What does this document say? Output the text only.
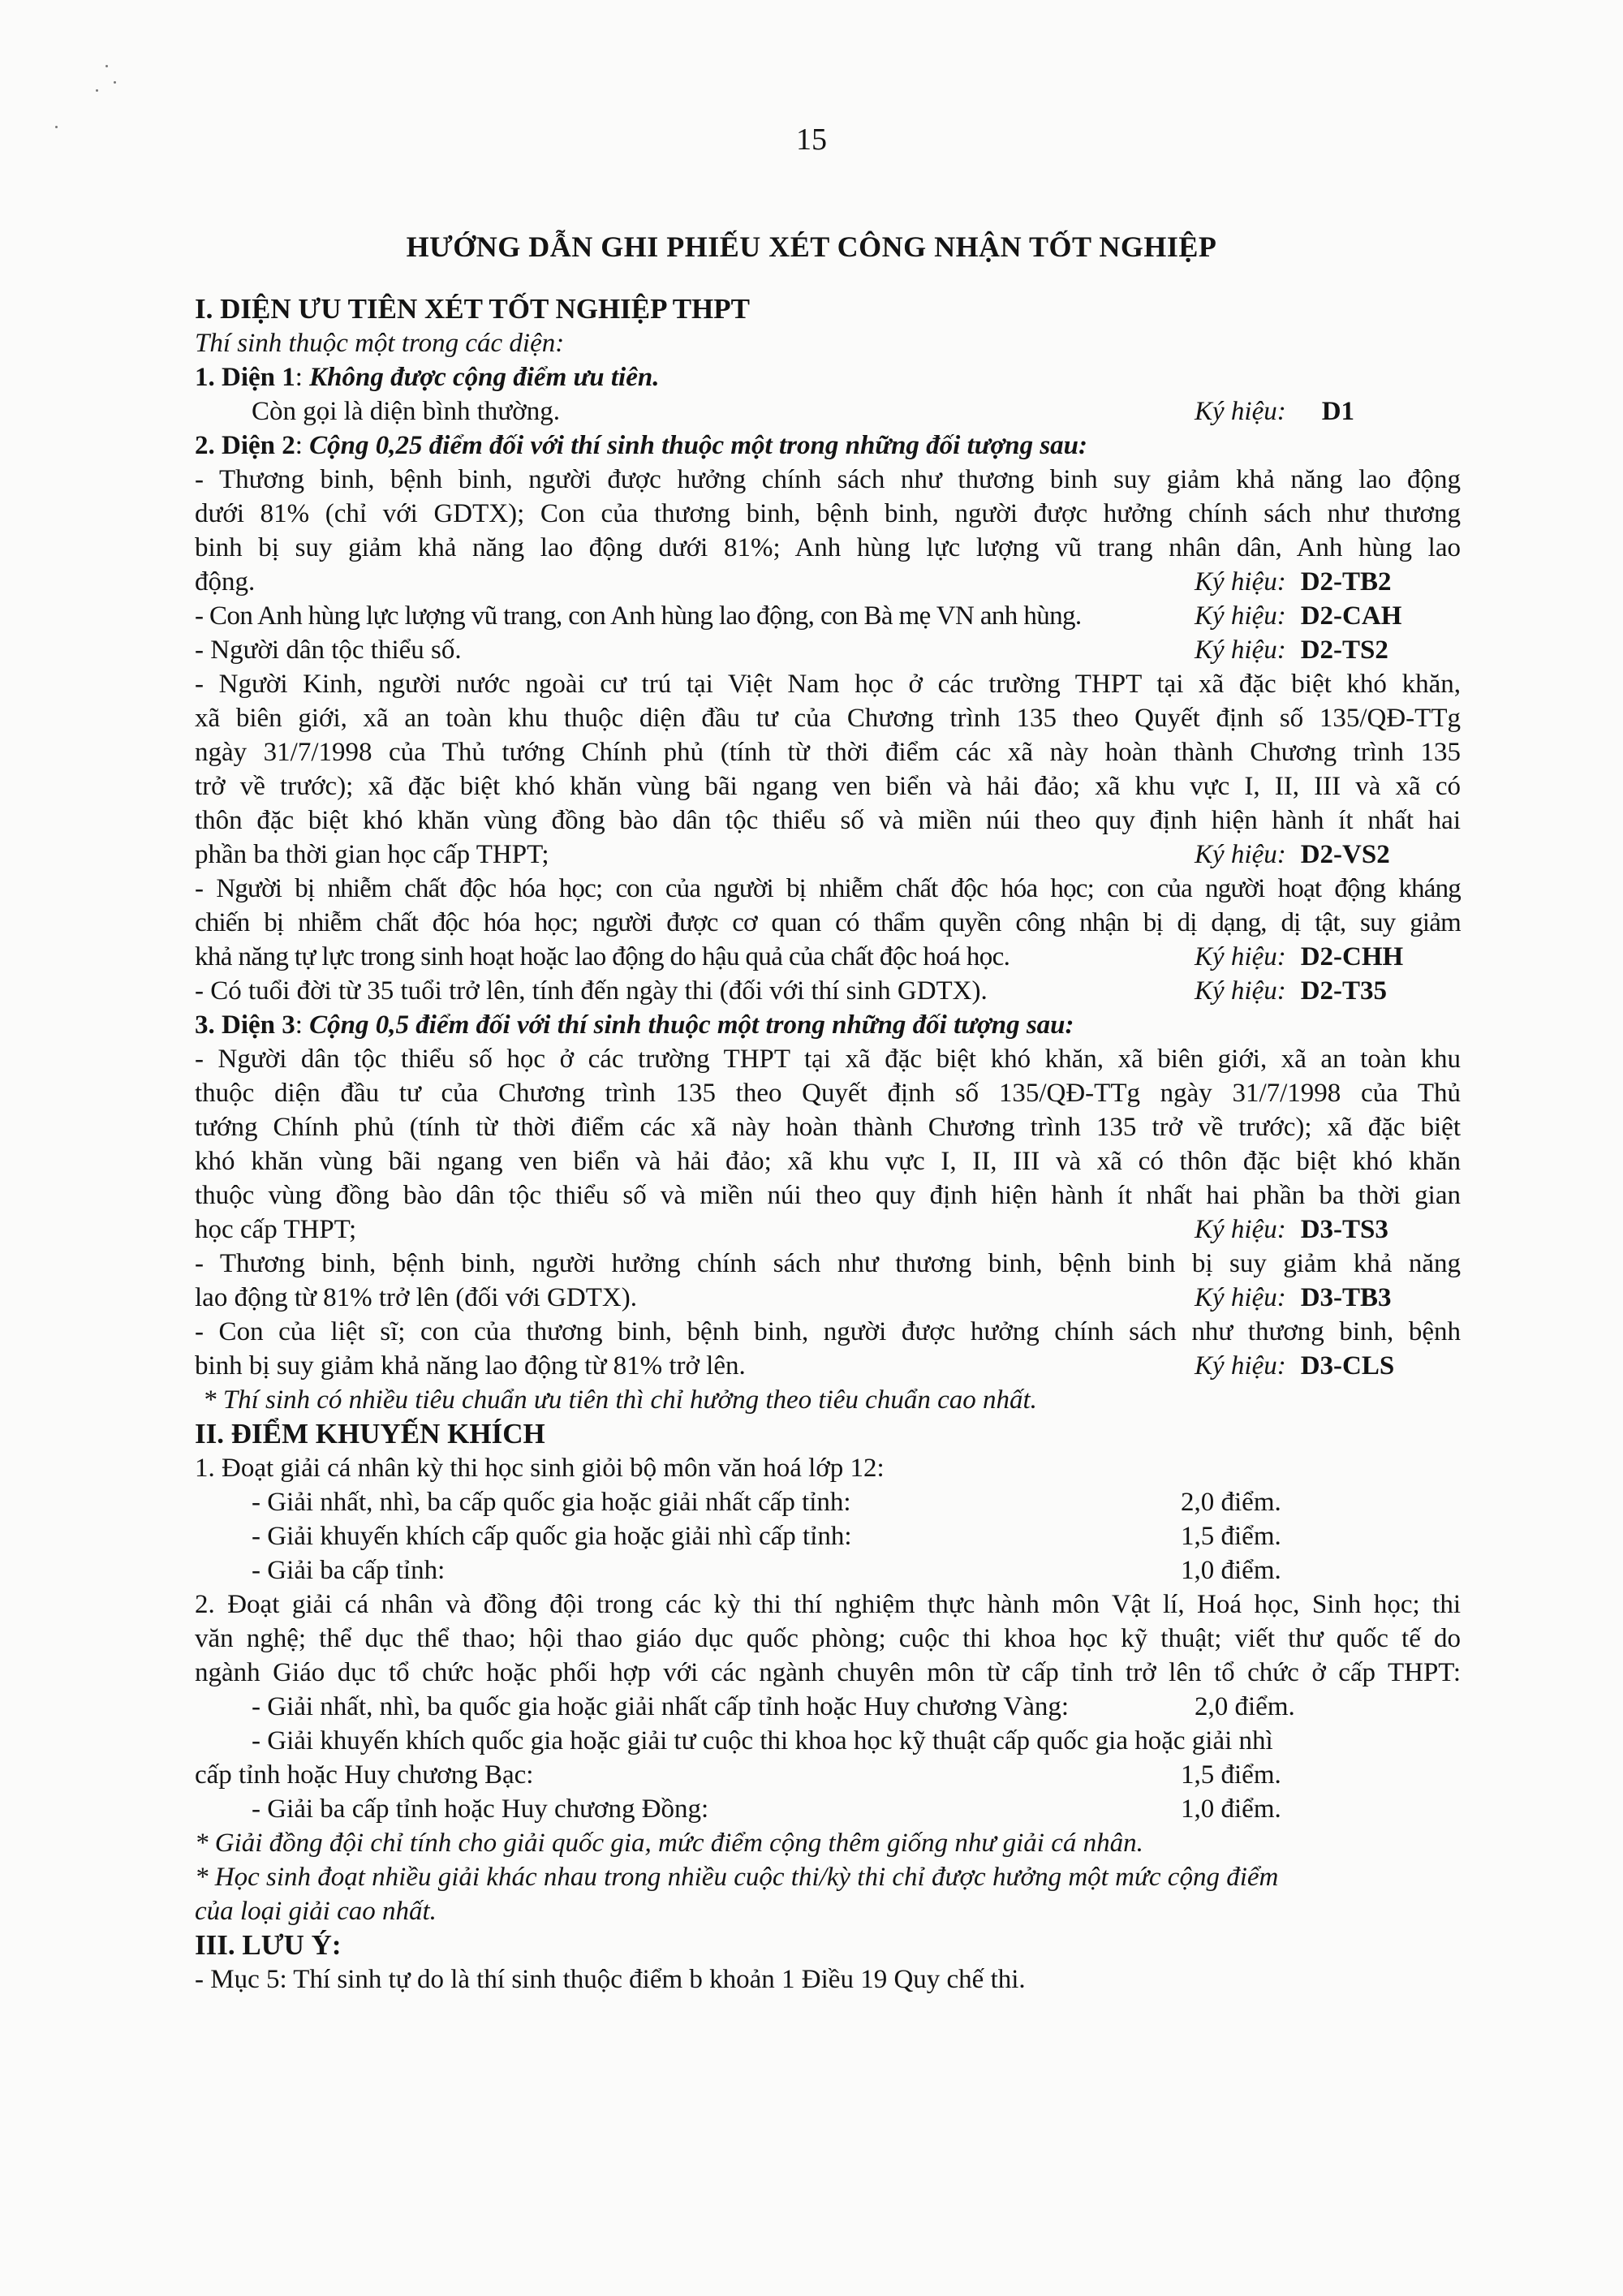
15
HƯỚNG DẪN GHI PHIẾU XÉT CÔNG NHẬN TỐT NGHIỆP
I. DIỆN ƯU TIÊN XÉT TỐT NGHIỆP THPT
Thí sinh thuộc một trong các diện:
1. Diện 1: Không được cộng điểm ưu tiên.
Còn gọi là diện bình thường.	Ký hiệu: D1
2. Diện 2: Cộng 0,25 điểm đối với thí sinh thuộc một trong những đối tượng sau:
- Thương binh, bệnh binh, người được hưởng chính sách như thương binh suy giảm khả năng lao động
dưới 81% (chỉ với GDTX); Con của thương binh, bệnh binh, người được hưởng chính sách như thương
binh bị suy giảm khả năng lao động dưới 81%; Anh hùng lực lượng vũ trang nhân dân, Anh hùng lao
động.	Ký hiệu: D2-TB2
- Con Anh hùng lực lượng vũ trang, con Anh hùng lao động, con Bà mẹ VN anh hùng.	Ký hiệu: D2-CAH
- Người dân tộc thiểu số.	Ký hiệu: D2-TS2
- Người Kinh, người nước ngoài cư trú tại Việt Nam học ở các trường THPT tại xã đặc biệt khó khăn,
xã biên giới, xã an toàn khu thuộc diện đầu tư của Chương trình 135 theo Quyết định số 135/QĐ-TTg
ngày 31/7/1998 của Thủ tướng Chính phủ (tính từ thời điểm các xã này hoàn thành Chương trình 135
trở về trước); xã đặc biệt khó khăn vùng bãi ngang ven biển và hải đảo; xã khu vực I, II, III và xã có
thôn đặc biệt khó khăn vùng đồng bào dân tộc thiểu số và miền núi theo quy định hiện hành ít nhất hai
phần ba thời gian học cấp THPT;	Ký hiệu: D2-VS2
- Người bị nhiễm chất độc hóa học; con của người bị nhiễm chất độc hóa học; con của người hoạt động kháng
chiến bị nhiễm chất độc hóa học; người được cơ quan có thẩm quyền công nhận bị dị dạng, dị tật, suy giảm
khả năng tự lực trong sinh hoạt hoặc lao động do hậu quả của chất độc hoá học.	Ký hiệu: D2-CHH
- Có tuổi đời từ 35 tuổi trở lên, tính đến ngày thi (đối với thí sinh GDTX).	Ký hiệu: D2-T35
3. Diện 3: Cộng 0,5 điểm đối với thí sinh thuộc một trong những đối tượng sau:
- Người dân tộc thiểu số học ở các trường THPT tại xã đặc biệt khó khăn, xã biên giới, xã an toàn khu
thuộc diện đầu tư của Chương trình 135 theo Quyết định số 135/QĐ-TTg ngày 31/7/1998 của Thủ
tướng Chính phủ (tính từ thời điểm các xã này hoàn thành Chương trình 135 trở về trước); xã đặc biệt
khó khăn vùng bãi ngang ven biển và hải đảo; xã khu vực I, II, III và xã có thôn đặc biệt khó khăn
thuộc vùng đồng bào dân tộc thiểu số và miền núi theo quy định hiện hành ít nhất hai phần ba thời gian
học cấp THPT;	Ký hiệu: D3-TS3
- Thương binh, bệnh binh, người hưởng chính sách như thương binh, bệnh binh bị suy giảm khả năng
lao động từ 81% trở lên (đối với GDTX).	Ký hiệu: D3-TB3
- Con của liệt sĩ; con của thương binh, bệnh binh, người được hưởng chính sách như thương binh, bệnh
binh bị suy giảm khả năng lao động từ 81% trở lên.	Ký hiệu: D3-CLS
* Thí sinh có nhiều tiêu chuẩn ưu tiên thì chỉ hưởng theo tiêu chuẩn cao nhất.
II. ĐIỂM KHUYẾN KHÍCH
1. Đoạt giải cá nhân kỳ thi học sinh giỏi bộ môn văn hoá lớp 12:
- Giải nhất, nhì, ba cấp quốc gia hoặc giải nhất cấp tỉnh:	2,0 điểm.
- Giải khuyến khích cấp quốc gia hoặc giải nhì cấp tỉnh:	1,5 điểm.
- Giải ba cấp tỉnh:	1,0 điểm.
2. Đoạt giải cá nhân và đồng đội trong các kỳ thi thí nghiệm thực hành môn Vật lí, Hoá học, Sinh học; thi
văn nghệ; thể dục thể thao; hội thao giáo dục quốc phòng; cuộc thi khoa học kỹ thuật; viết thư quốc tế do
ngành Giáo dục tổ chức hoặc phối hợp với các ngành chuyên môn từ cấp tỉnh trở lên tổ chức ở cấp THPT:
- Giải nhất, nhì, ba quốc gia hoặc giải nhất cấp tỉnh hoặc Huy chương Vàng:	2,0 điểm.
- Giải khuyến khích quốc gia hoặc giải tư cuộc thi khoa học kỹ thuật cấp quốc gia hoặc giải nhì
cấp tỉnh hoặc Huy chương Bạc:	1,5 điểm.
- Giải ba cấp tỉnh hoặc Huy chương Đồng:	1,0 điểm.
* Giải đồng đội chỉ tính cho giải quốc gia, mức điểm cộng thêm giống như giải cá nhân.
* Học sinh đoạt nhiều giải khác nhau trong nhiều cuộc thi/kỳ thi chỉ được hưởng một mức cộng điểm
của loại giải cao nhất.
III. LƯU Ý:
- Mục 5: Thí sinh tự do là thí sinh thuộc điểm b khoản 1 Điều 19 Quy chế thi.
